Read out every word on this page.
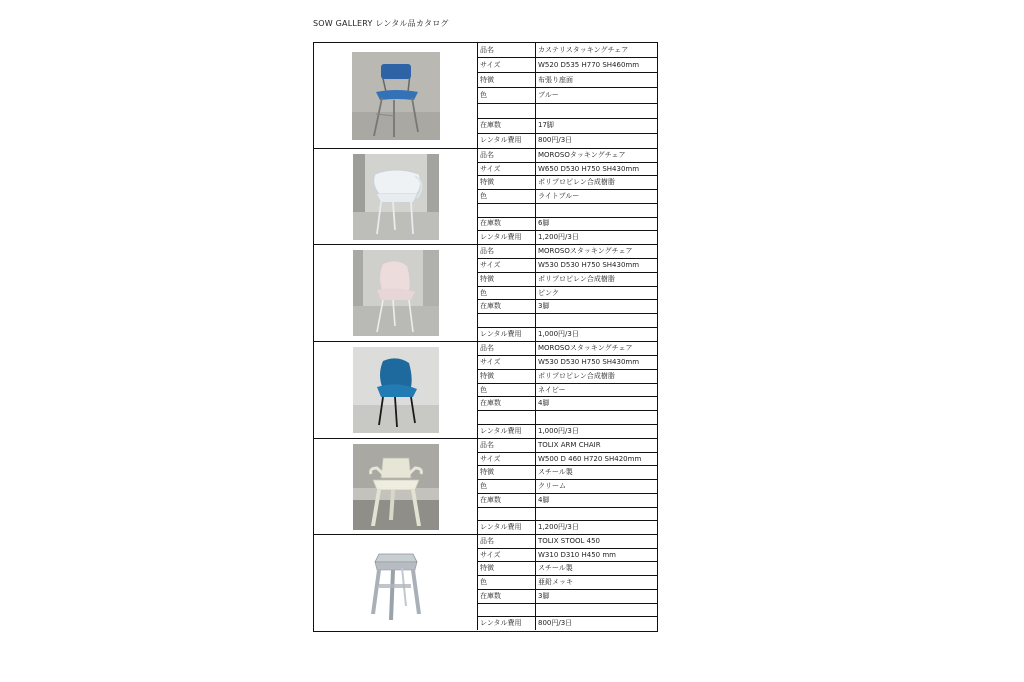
SOW GALLERY レンタル品カタログ
品名	カステリスタッキングチェア
サイズ	W520 D535 H770 SH460mm
特徴	布張り座面
色	ブルー
在庫数	17脚
レンタル費用	800円/3日
品名	MOROSOタッキングチェア
サイズ	W650 D530 H750 SH430mm
特徴	ポリプロピレン合成樹脂
色	ライトブルー
在庫数	6脚
レンタル費用	1,200円/3日
品名	MOROSOスタッキングチェア
サイズ	W530 D530 H750 SH430mm
特徴	ポリプロピレン合成樹脂
色	ピンク
在庫数	3脚
レンタル費用	1,000円/3日
品名	MOROSOスタッキングチェア
サイズ	W530 D530 H750 SH430mm
特徴	ポリプロピレン合成樹脂
色	ネイビー
在庫数	4脚
レンタル費用	1,000円/3日
品名	TOLIX ARM CHAIR
サイズ	W500 D 460 H720 SH420mm
特徴	スチール製
色	クリーム
在庫数	4脚
レンタル費用	1,200円/3日
品名	TOLIX STOOL 450
サイズ	W310 D310 H450 mm
特徴	スチール製
色	亜鉛メッキ
在庫数	3脚
レンタル費用	800円/3日
